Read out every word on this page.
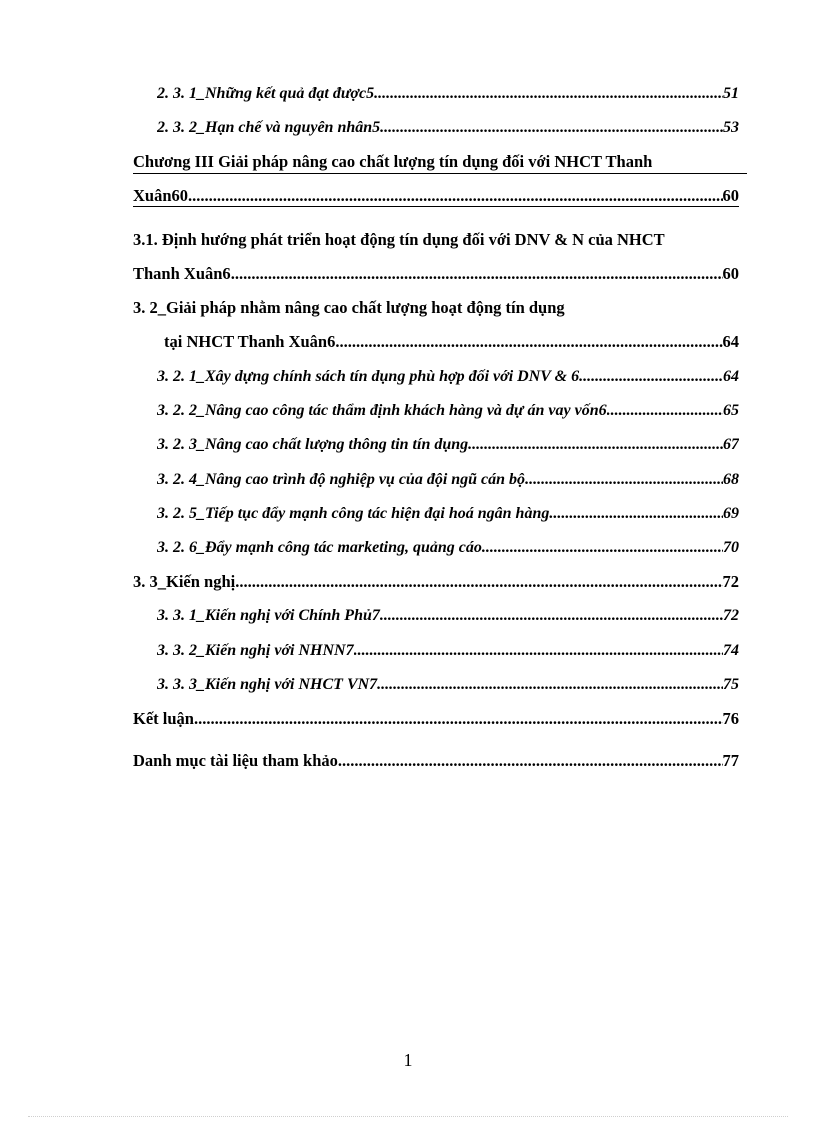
2. 3. 1_Những kết quả đạt được5 .....	51
2. 3. 2_Hạn chế và nguyên nhân5 .....	53
Chương III Giải pháp nâng cao chất lượng tín dụng đối với NHCT Thanh
Xuân60 .....	60
3.1. Định hướng phát triển hoạt động tín dụng đối với DNV & N của NHCT
Thanh Xuân6 .....	60
3. 2_Giải pháp nhằm nâng cao chất lượng hoạt động tín dụng
tại NHCT Thanh Xuân6 .....	64
3. 2. 1_Xây dựng chính sách tín dụng phù hợp đối với DNV & 6 .....	64
3. 2. 2_Nâng cao công tác thẩm định khách hàng và dự án vay vốn6 .....	65
3. 2. 3_Nâng cao chất lượng thông tin tín dụng .....	67
3. 2. 4_Nâng cao trình độ nghiệp vụ của đội ngũ cán bộ .....	68
3. 2. 5_Tiếp tục đẩy mạnh công tác hiện đại hoá ngân hàng .....	69
3. 2. 6_Đẩy mạnh công tác marketing, quảng cáo .....	70
3. 3_Kiến nghị .....	72
3. 3. 1_Kiến nghị với Chính Phủ7 .....	72
3. 3. 2_Kiến nghị với NHNN7 .....	74
3. 3. 3_Kiến nghị với NHCT VN7 .....	75
Kết luận .....	76
Danh mục tài liệu tham khảo .....	77
1
